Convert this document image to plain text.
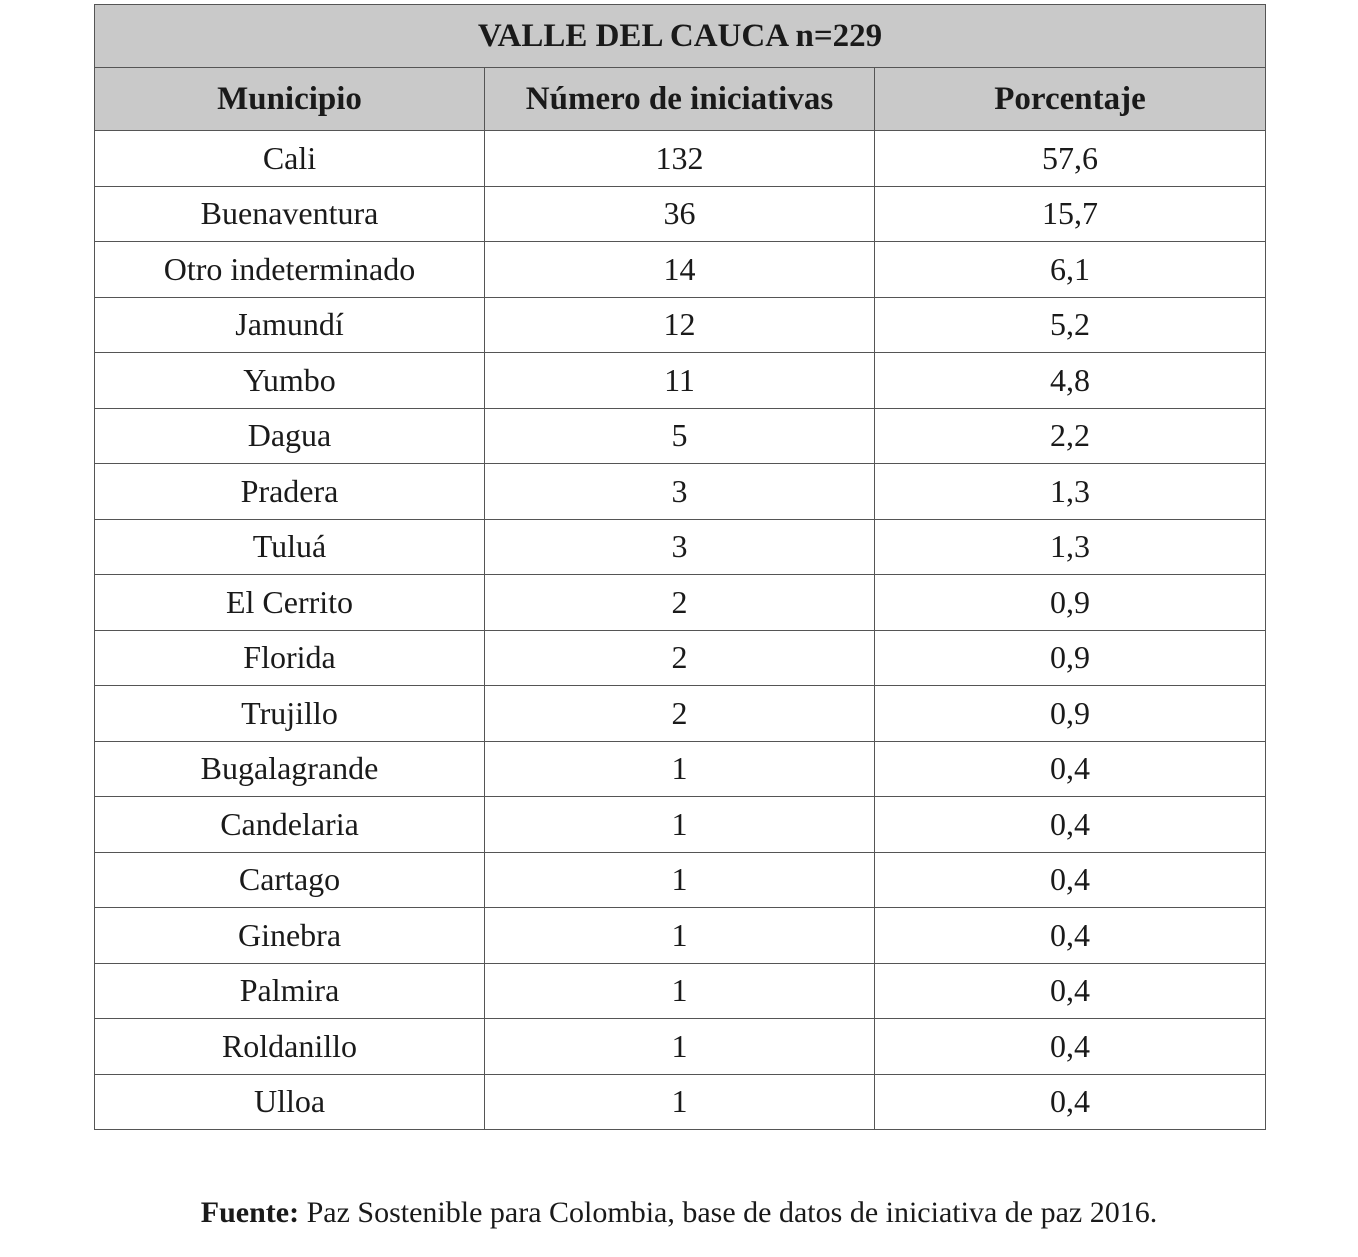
VALLE DEL CAUCA n=229		
Municipio	Número de iniciativas	Porcentaje
Cali	132	57,6
Buenaventura	36	15,7
Otro indeterminado	14	6,1
Jamundí	12	5,2
Yumbo	11	4,8
Dagua	5	2,2
Pradera	3	1,3
Tuluá	3	1,3
El Cerrito	2	0,9
Florida	2	0,9
Trujillo	2	0,9
Bugalagrande	1	0,4
Candelaria	1	0,4
Cartago	1	0,4
Ginebra	1	0,4
Palmira	1	0,4
Roldanillo	1	0,4
Ulloa	1	0,4
Fuente: Paz Sostenible para Colombia, base de datos de iniciativa de paz 2016.
